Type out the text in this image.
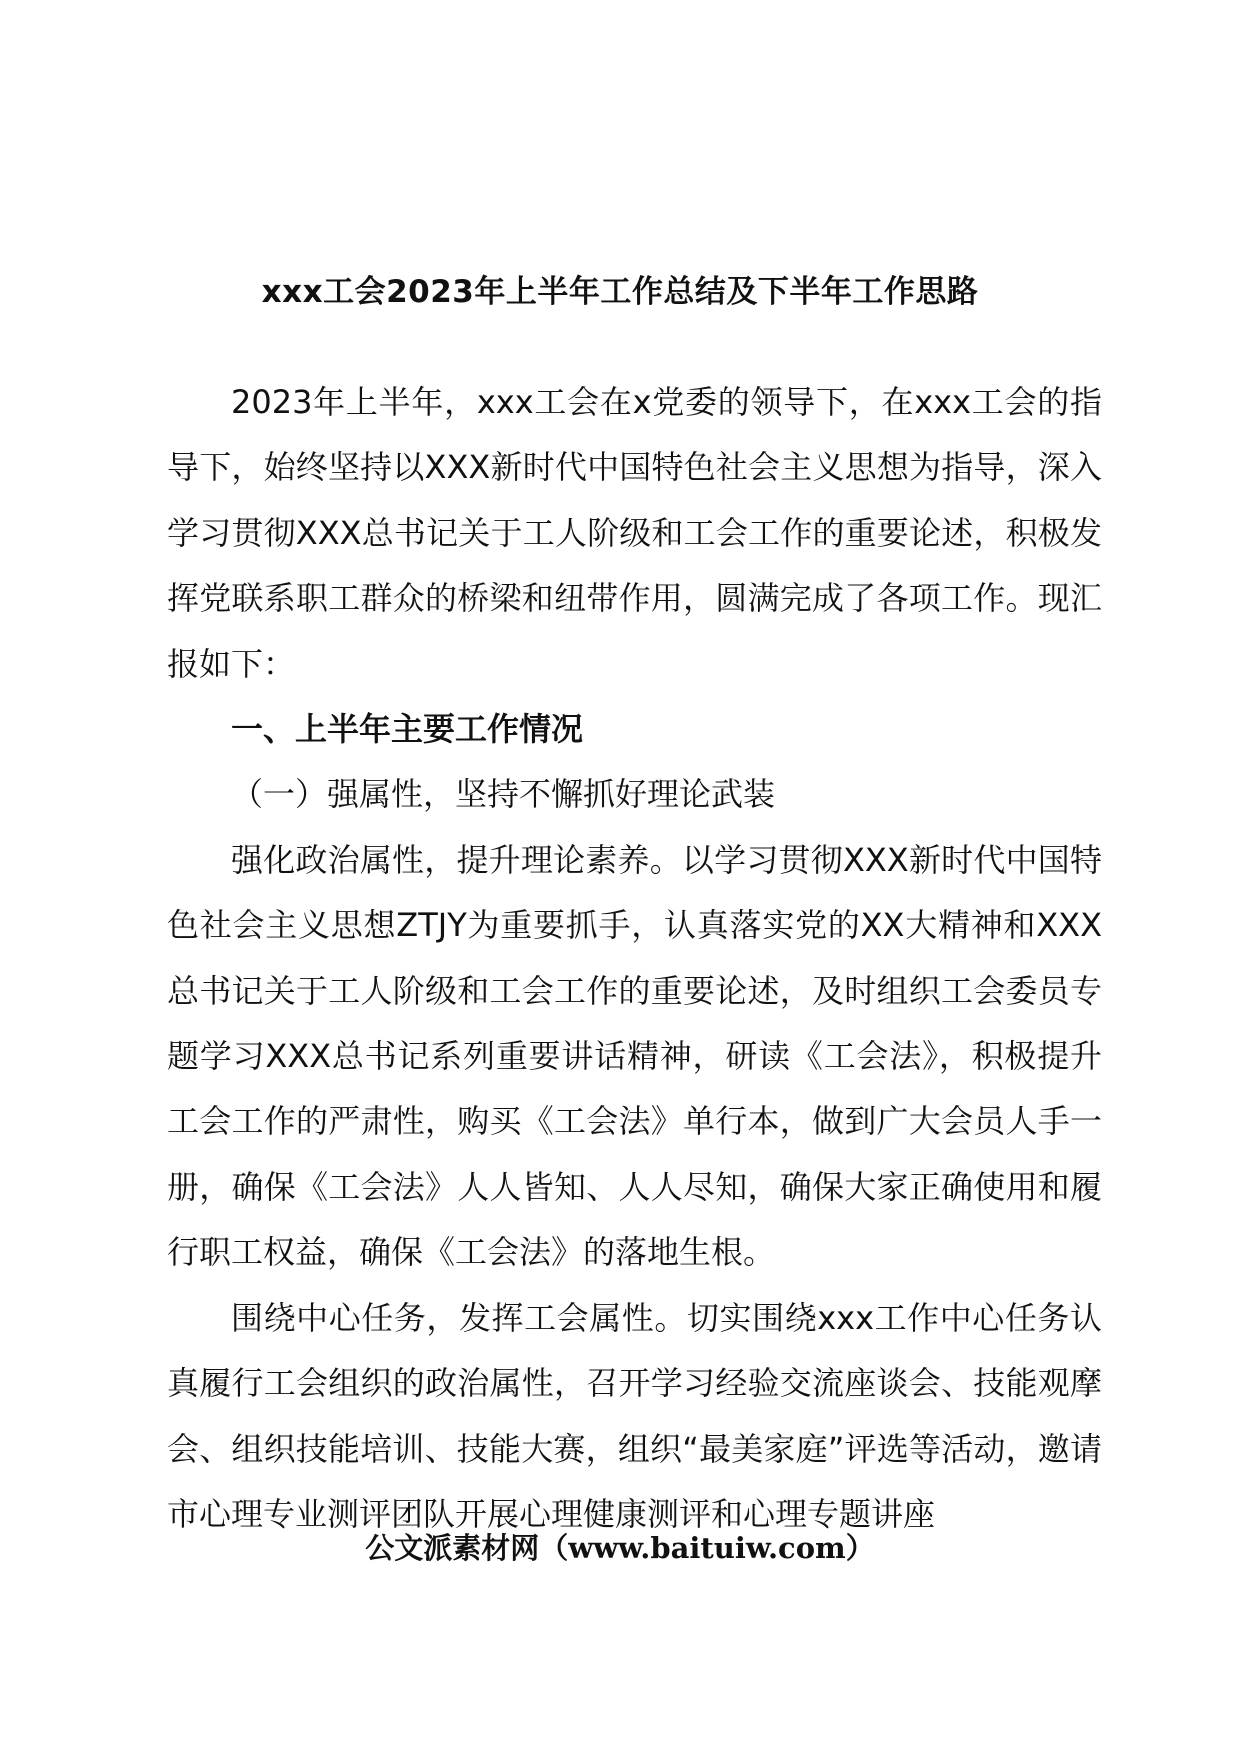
xxx工会2023年上半年工作总结及下半年工作思路

2023年上半年，xxx工会在x党委的领导下，在xxx工会的指导下，始终坚持以XXX新时代中国特色社会主义思想为指导，深入学习贯彻XXX总书记关于工人阶级和工会工作的重要论述，积极发挥党联系职工群众的桥梁和纽带作用，圆满完成了各项工作。现汇报如下：

一、上半年主要工作情况

（一）强属性，坚持不懈抓好理论武装

强化政治属性，提升理论素养。以学习贯彻XXX新时代中国特色社会主义思想ZTJY为重要抓手，认真落实党的XX大精神和XXX总书记关于工人阶级和工会工作的重要论述，及时组织工会委员专题学习XXX总书记系列重要讲话精神，研读《工会法》，积极提升工会工作的严肃性，购买《工会法》单行本，做到广大会员人手一册，确保《工会法》人人皆知、人人尽知，确保大家正确使用和履行职工权益，确保《工会法》的落地生根。

围绕中心任务，发挥工会属性。切实围绕xxx工作中心任务认真履行工会组织的政治属性，召开学习经验交流座谈会、技能观摩会、组织技能培训、技能大赛，组织“最美家庭”评选等活动，邀请市心理专业测评团队开展心理健康测评和心理专题讲座

公文派素材网（www.baituiw.com）
